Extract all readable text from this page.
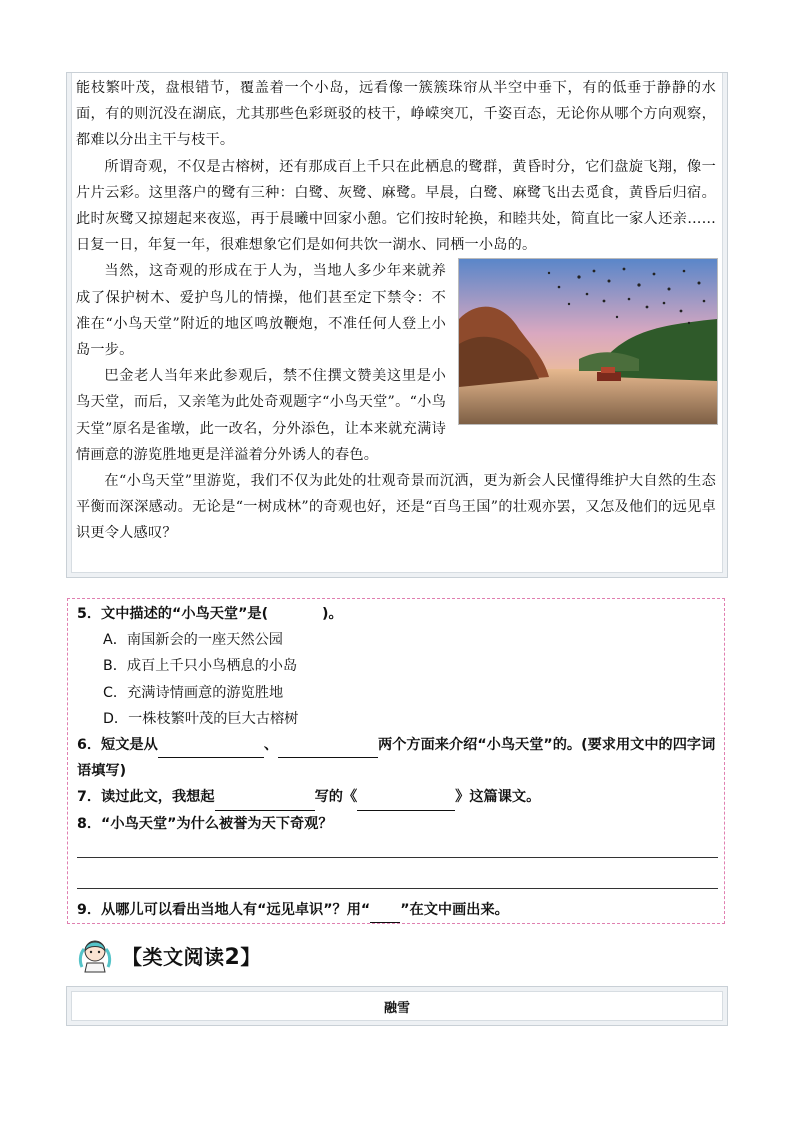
能枝繁叶茂，盘根错节，覆盖着一个小岛，远看像一簇簇珠帘从半空中垂下，有的低垂于静静的水面，有的则沉没在湖底，尤其那些色彩斑驳的枝干，峥嵘突兀，千姿百态，无论你从哪个方向观察，都难以分出主干与枝干。

所谓奇观，不仅是古榕树，还有那成百上千只在此栖息的鹭群，黄昏时分，它们盘旋飞翔，像一片片云彩。这里落户的鹭有三种：白鹭、灰鹭、麻鹭。早晨，白鹭、麻鹭飞出去觅食，黄昏后归宿。此时灰鹭又掠翅起来夜巡，再于晨曦中回家小憩。它们按时轮换，和睦共处，简直比一家人还亲……日复一日，年复一年，很难想象它们是如何共饮一湖水、同栖一小岛的。

当然，这奇观的形成在于人为，当地人多少年来就养成了保护树木、爱护鸟儿的情操，他们甚至定下禁令：不准在“小鸟天堂”附近的地区鸣放鞭炮，不准任何人登上小岛一步。

巴金老人当年来此参观后，禁不住撰文赞美这里是小鸟天堂，而后，又亲笔为此处奇观题字“小鸟天堂”。“小鸟天堂”原名是雀墩，此一改名，分外添色，让本来就充满诗情画意的游览胜地更是洋溢着分外诱人的春色。

在“小鸟天堂”里游览，我们不仅为此处的壮观奇景而沉洒，更为新会人民懂得维护大自然的生态平衡而深深感动。无论是“一树成林”的奇观也好，还是“百鸟王国”的壮观亦罢，又怎及他们的远见卓识更令人感叹？

5．文中描述的“小鸟天堂”是(	)。

A．南国新会的一座天然公园

B．成百上千只小鸟栖息的小岛

C．充满诗情画意的游览胜地

D．一株枝繁叶茂的巨大古榕树

6．短文是从	、	两个方面来介绍“小鸟天堂”的。(要求用文中的四字词语填写)

7．读过此文，我想起	写的《	》这篇课文。

8．“小鸟天堂”为什么被誉为天下奇观？

9．从哪儿可以看出当地人有“远见卓识”？用“ ”在文中画出来。

【类文阅读2】
融雪
